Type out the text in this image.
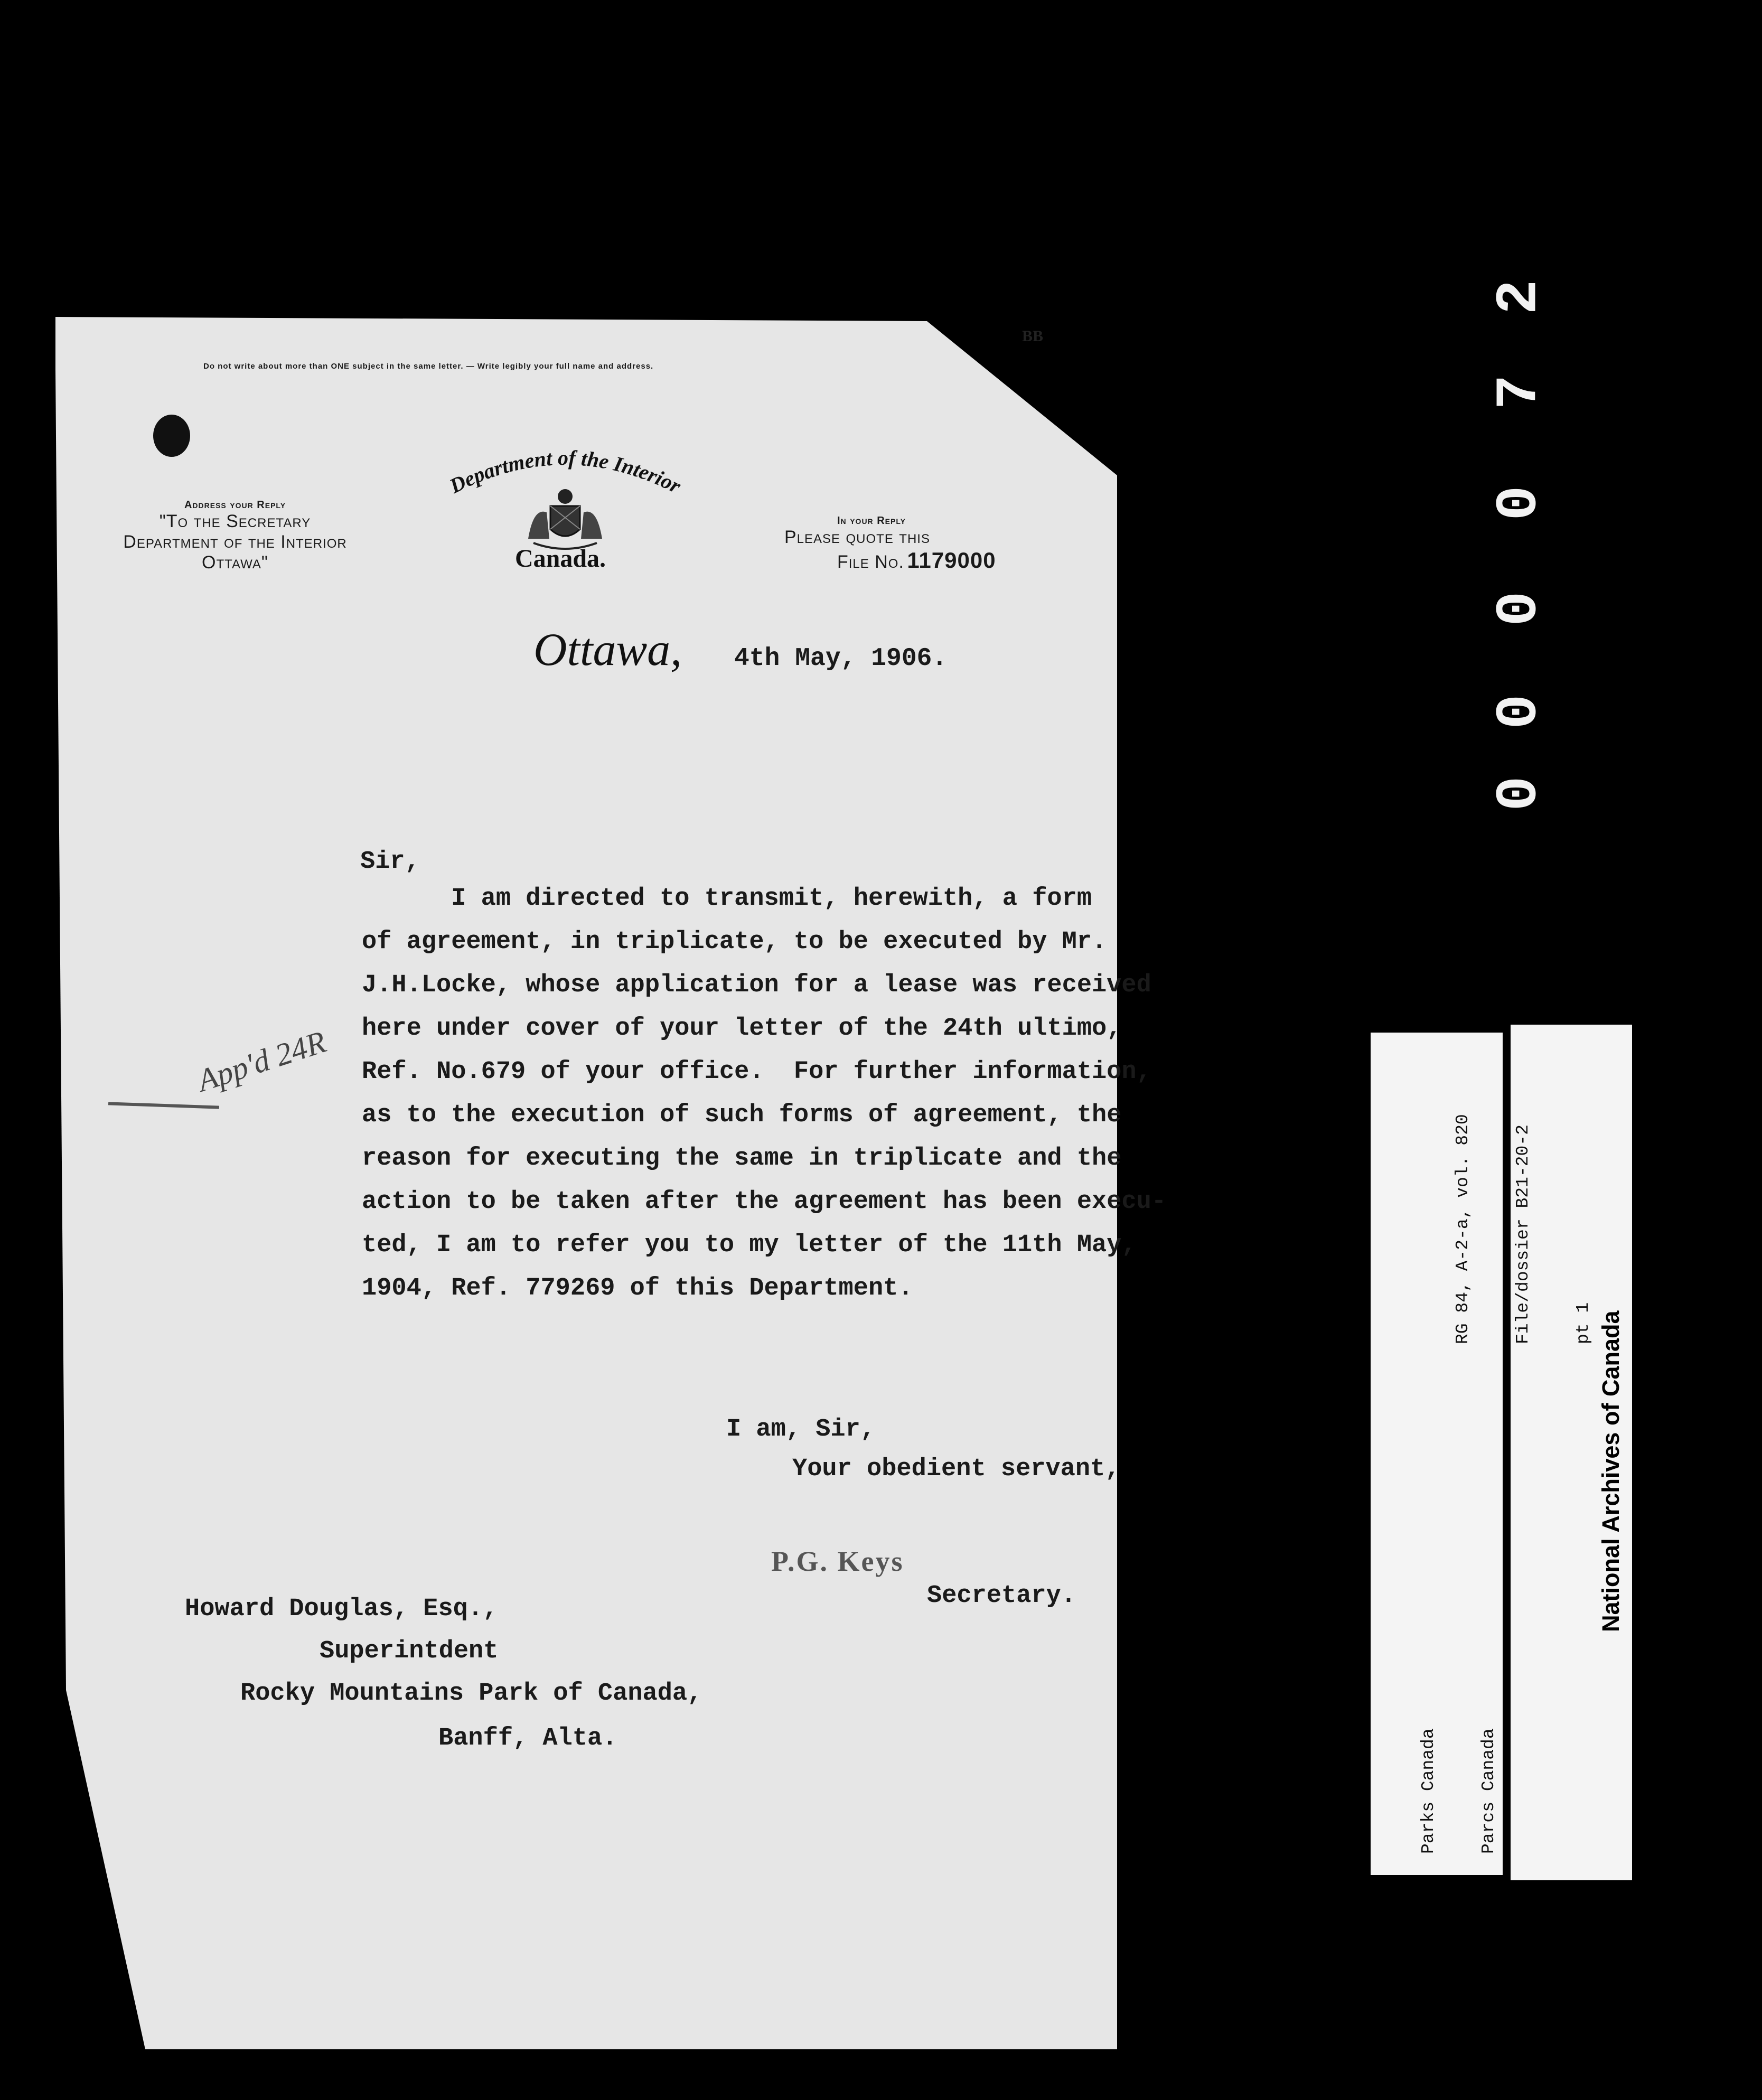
Do not write about more than ONE subject in the same letter. — Write legibly your full name and address.
BB
Department of the Interior
Canada.
Address your Reply
"To the Secretary
Department of the Interior
Ottawa"
In your Reply
Please quote this
File No. 1179000
Ottawa, 4th May, 1906.
Sir,
I am directed to transmit, herewith, a form
of agreement, in triplicate, to be executed by Mr.
J.H.Locke, whose application for a lease was received
here under cover of your letter of the 24th ultimo,
Ref. No.679 of your office.  For further information,
as to the execution of such forms of agreement, the
reason for executing the same in triplicate and the
action to be taken after the agreement has been execu-
ted, I am to refer you to my letter of the 11th May,
1904, Ref. 779269 of this Department.
App'd 24R
I am, Sir,
Your obedient servant,
P.G. Keys
Secretary.
Howard Douglas, Esq.,
Superintdent
Rocky Mountains Park of Canada,
Banff, Alta.
0
0
0
0
7
2

Parks Canada

Parcs Canada

RG 84, A-2-a, vol. 820

File/dossier B21-20-2

pt 1

National Archives of Canada

Archives nationales du Canada
